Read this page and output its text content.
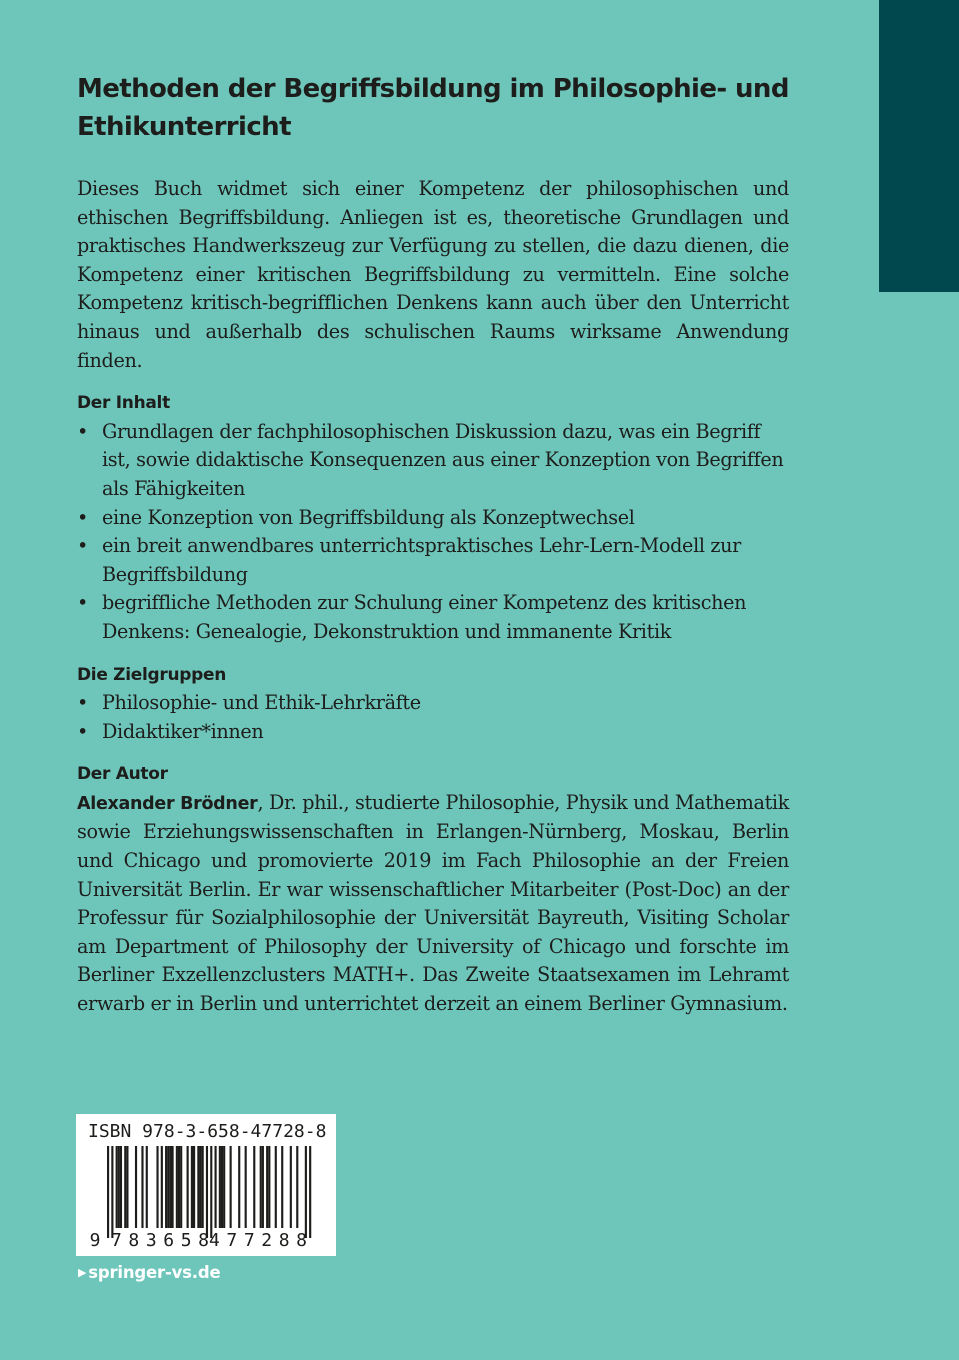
Methoden der Begriffsbildung im Philosophie- und Ethikunterricht

Dieses Buch widmet sich einer Kompetenz der philosophischen und ethischen Begriffsbildung. Anliegen ist es, theoretische Grundlagen und praktisches Handwerkszeug zur Verfügung zu stellen, die dazu dienen, die Kompetenz einer kritischen Begriffsbildung zu vermitteln. Eine solche Kompetenz kritisch-begrifflichen Denkens kann auch über den Unterricht hinaus und außerhalb des schulischen Raums wirksame Anwendung finden.

Der Inhalt
• Grundlagen der fachphilosophischen Diskussion dazu, was ein Begriff ist, sowie didaktische Konsequenzen aus einer Konzeption von Begriffen als Fähigkeiten
• eine Konzeption von Begriffsbildung als Konzeptwechsel
• ein breit anwendbares unterrichtspraktisches Lehr-Lern-Modell zur Begriffsbildung
• begriffliche Methoden zur Schulung einer Kompetenz des kritischen Denkens: Genealogie, Dekonstruktion und immanente Kritik
Die Zielgruppen
• Philosophie- und Ethik-Lehrkräfte
• Didaktiker*innen
Der Autor

Alexander Brödner, Dr. phil., studierte Philosophie, Physik und Mathematik sowie Erziehungswissenschaften in Erlangen-Nürnberg, Moskau, Berlin und Chicago und promovierte 2019 im Fach Philosophie an der Freien Universität Berlin. Er war wissenschaftlicher Mitarbeiter (Post-Doc) an der Professur für Sozialphilosophie der Universität Bayreuth, Visiting Scholar am Department of Philosophy der University of Chicago und forschte im Berliner Exzellenzclusters MATH+. Das Zweite Staatsexamen im Lehramt erwarb er in Berlin und unterrichtet derzeit an einem Berliner Gymnasium.

9 783658 477288
ISBN 978-3-658-47728-8
▶ springer-vs.de
